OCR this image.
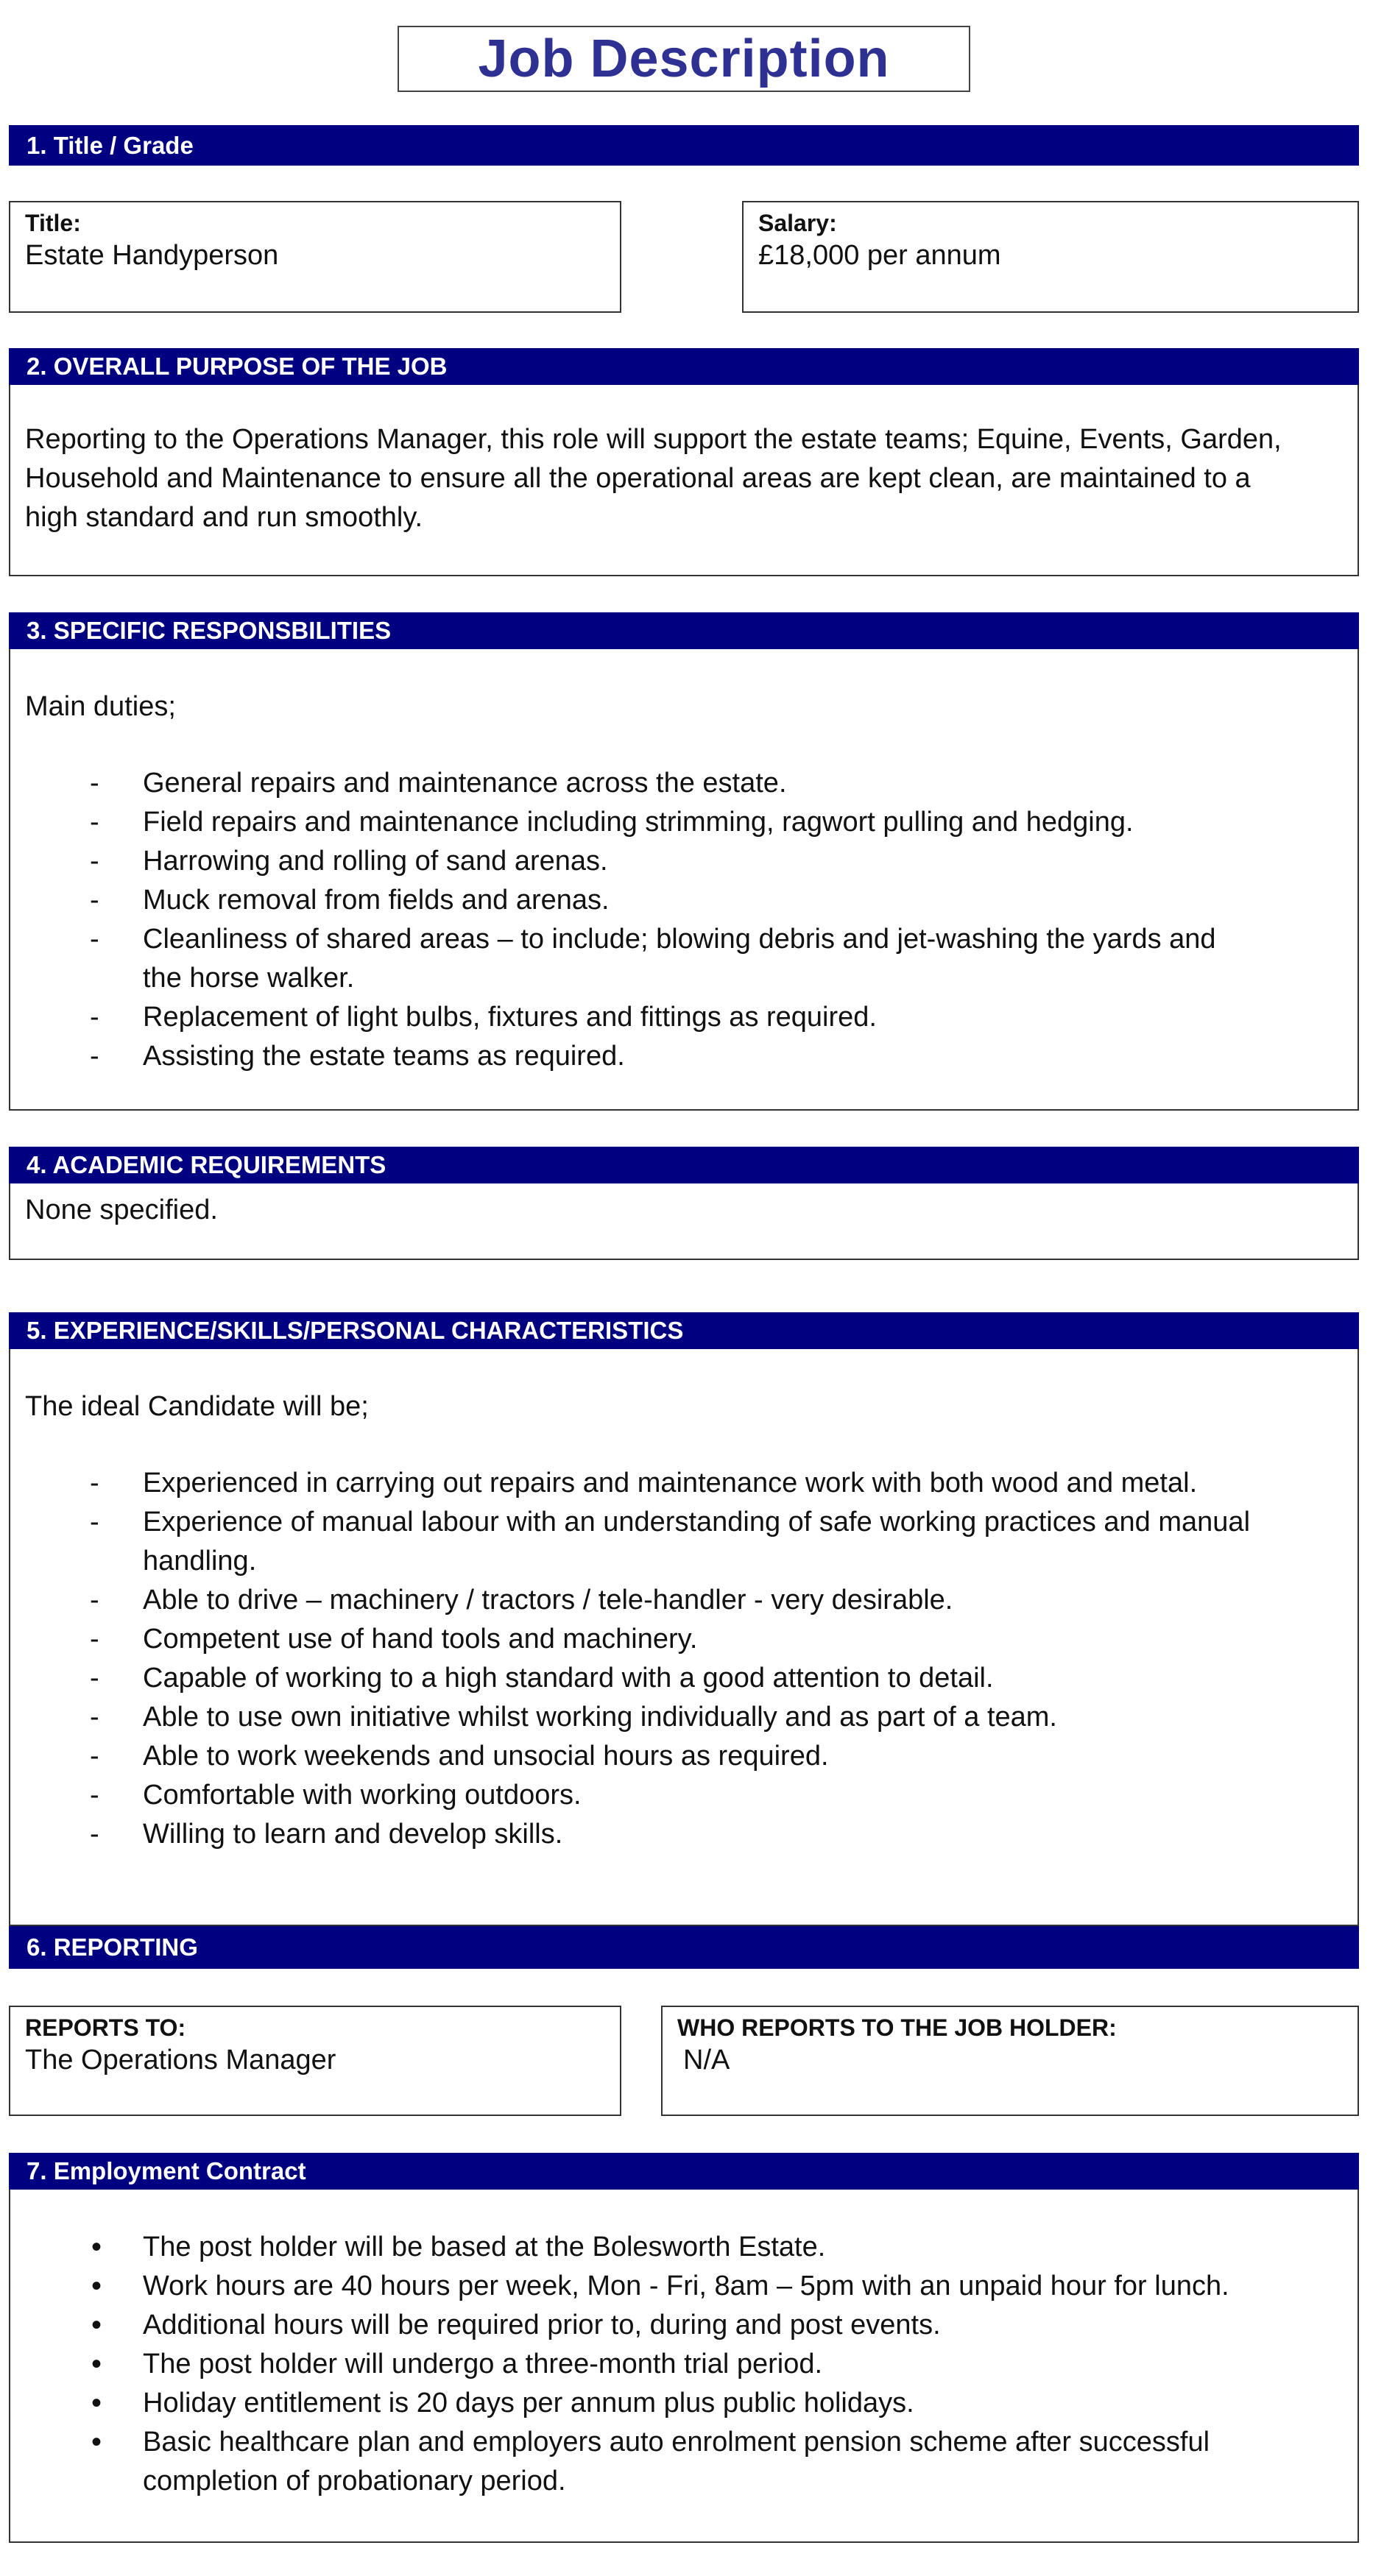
Job Description
1. Title / Grade
Title:
Estate Handyperson
Salary:
£18,000 per annum
2. OVERALL PURPOSE OF THE JOB
Reporting to the Operations Manager, this role will support the estate teams; Equine, Events, Garden,
Household and Maintenance to ensure all the operational areas are kept clean, are maintained to a
high standard and run smoothly.
3. SPECIFIC RESPONSBILITIES
Main duties;
- General repairs and maintenance across the estate.
- Field repairs and maintenance including strimming, ragwort pulling and hedging.
- Harrowing and rolling of sand arenas.
- Muck removal from fields and arenas.
- Cleanliness of shared areas – to include; blowing debris and jet-washing the yards and the horse walker.
- Replacement of light bulbs, fixtures and fittings as required.
- Assisting the estate teams as required.
4. ACADEMIC REQUIREMENTS
None specified.
5. EXPERIENCE/SKILLS/PERSONAL CHARACTERISTICS
The ideal Candidate will be;
- Experienced in carrying out repairs and maintenance work with both wood and metal.
- Experience of manual labour with an understanding of safe working practices and manual handling.
- Able to drive – machinery / tractors / tele-handler - very desirable.
- Competent use of hand tools and machinery.
- Capable of working to a high standard with a good attention to detail.
- Able to use own initiative whilst working individually and as part of a team.
- Able to work weekends and unsocial hours as required.
- Comfortable with working outdoors.
- Willing to learn and develop skills.
6. REPORTING
REPORTS TO:
The Operations Manager
WHO REPORTS TO THE JOB HOLDER:
N/A
7. Employment Contract
• The post holder will be based at the Bolesworth Estate.
• Work hours are 40 hours per week, Mon - Fri, 8am – 5pm with an unpaid hour for lunch.
• Additional hours will be required prior to, during and post events.
• The post holder will undergo a three-month trial period.
• Holiday entitlement is 20 days per annum plus public holidays.
• Basic healthcare plan and employers auto enrolment pension scheme after successful completion of probationary period.
